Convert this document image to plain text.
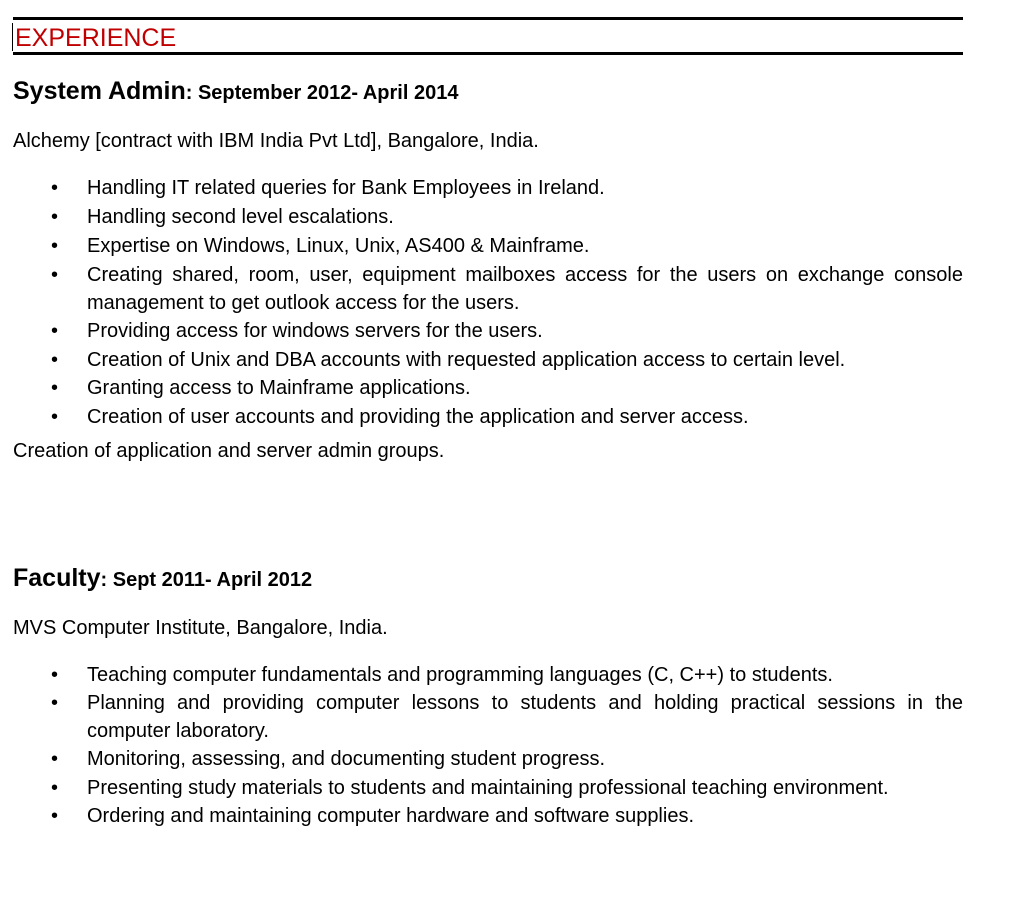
EXPERIENCE
System Admin: September 2012- April 2014
Alchemy [contract with IBM India Pvt Ltd], Bangalore, India.
• Handling IT related queries for Bank Employees in Ireland.
• Handling second level escalations.
• Expertise on Windows, Linux, Unix, AS400 & Mainframe.
• Creating shared, room, user, equipment mailboxes access for the users on exchange console management to get outlook access for the users.
• Providing access for windows servers for the users.
• Creation of Unix and DBA accounts with requested application access to certain level.
• Granting access to Mainframe applications.
• Creation of user accounts and providing the application and server access.
Creation of application and server admin groups.
Faculty: Sept 2011- April 2012
MVS Computer Institute, Bangalore, India.
• Teaching computer fundamentals and programming languages (C, C++) to students.
• Planning and providing computer lessons to students and holding practical sessions in the computer laboratory.
• Monitoring, assessing, and documenting student progress.
• Presenting study materials to students and maintaining professional teaching environment.
• Ordering and maintaining computer hardware and software supplies.
